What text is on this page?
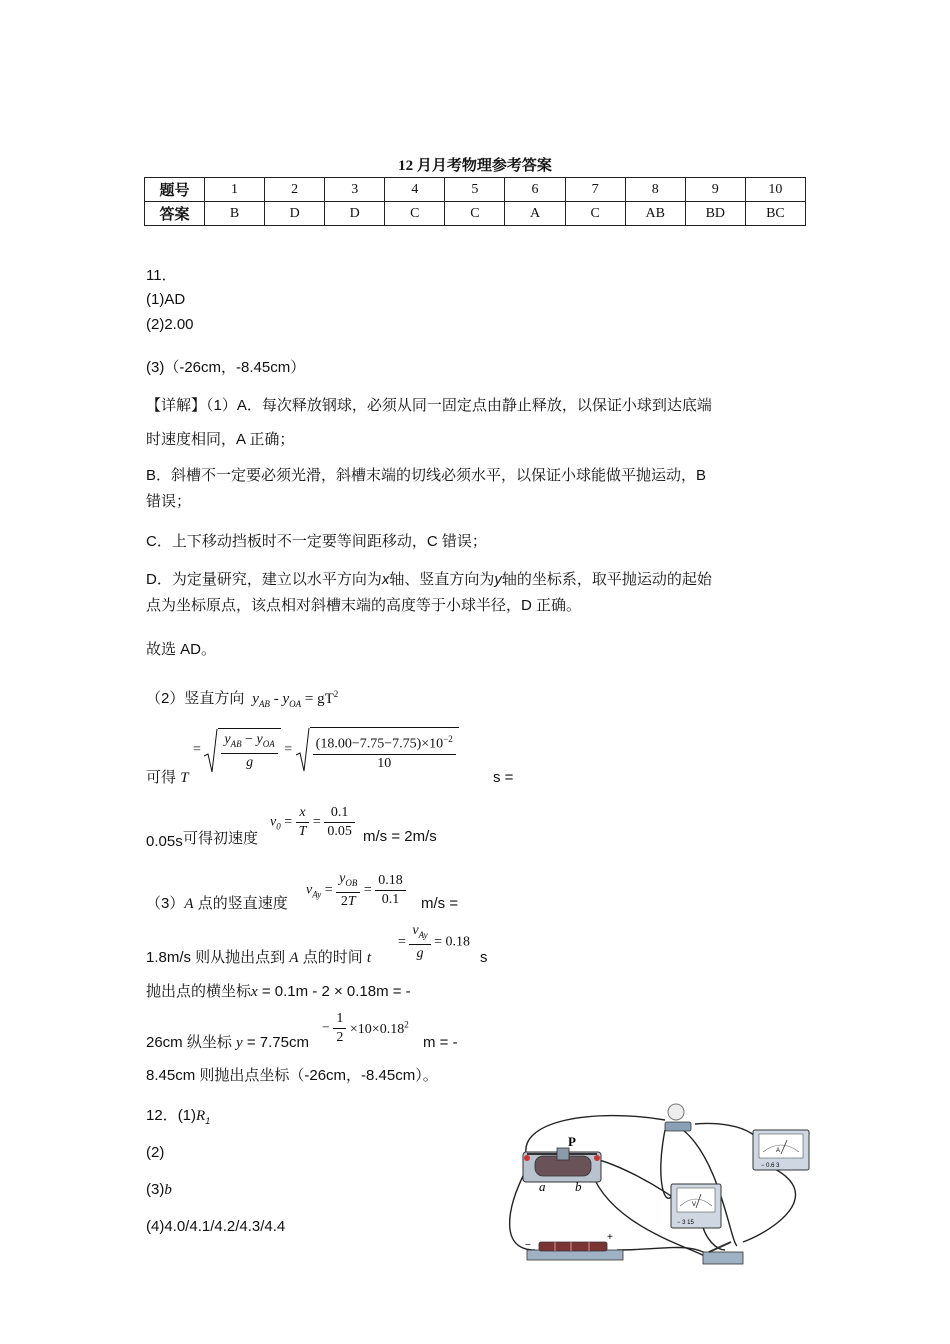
12 月月考物理参考答案
题号	1	2	3	4	5	6	7	8	9	10
答案	B	D	D	C	C	A	C	AB	BD	BC
11．
(1)AD
(2)2.00
(3)（-26cm，-8.45cm）
【详解】（1）A．每次释放钢球，必须从同一固定点由静止释放，以保证小球到达底端
时速度相同，A 正确；
B．斜槽不一定要必须光滑，斜槽末端的切线必须水平，以保证小球能做平抛运动，B
错误；
C．上下移动挡板时不一定要等间距移动，C 错误；
D．为定量研究，建立以水平方向为x轴、竖直方向为y轴的坐标系，取平抛运动的起始
点为坐标原点，该点相对斜槽末端的高度等于小球半径，D 正确。
故选 AD。
（2）竖直方向 $y_{AB} - y_{OA} = gT^2$
可得 T
= $\frac{y_{AB} - y_{OA}}{g} = \frac{(18.00-7.75-7.75)\times 10^{-2}}{10}$
s =
0.05s 可得初速度
$v_0 = \frac{x}{T} = \frac{0.1}{0.05} m/s = 2m/s$
（3）A 点的竖直速度
$v_{Ay} = \frac{y_{OB}}{2T} = \frac{0.18}{0.1} m/s$ =
1.8m/s 则从抛出点到 A 点的时间 t
= $\frac{v_{Ay}}{g} = 0.18$
s
抛出点的横坐标x = 0.1m - 2 × 0.18m = -
26cm 纵坐标 y = 7.75cm
− $\frac{1}{2} \times 10\times 0.18^2$
m = -
8.45cm 则抛出点坐标（-26cm，-8.45cm）。
12．$(1)R_1$
(2)
(3)b
(4)4.0/4.1/4.2/4.3/4.4
P
a b
A
− 0.6 3
V
− 3 15
−
+
